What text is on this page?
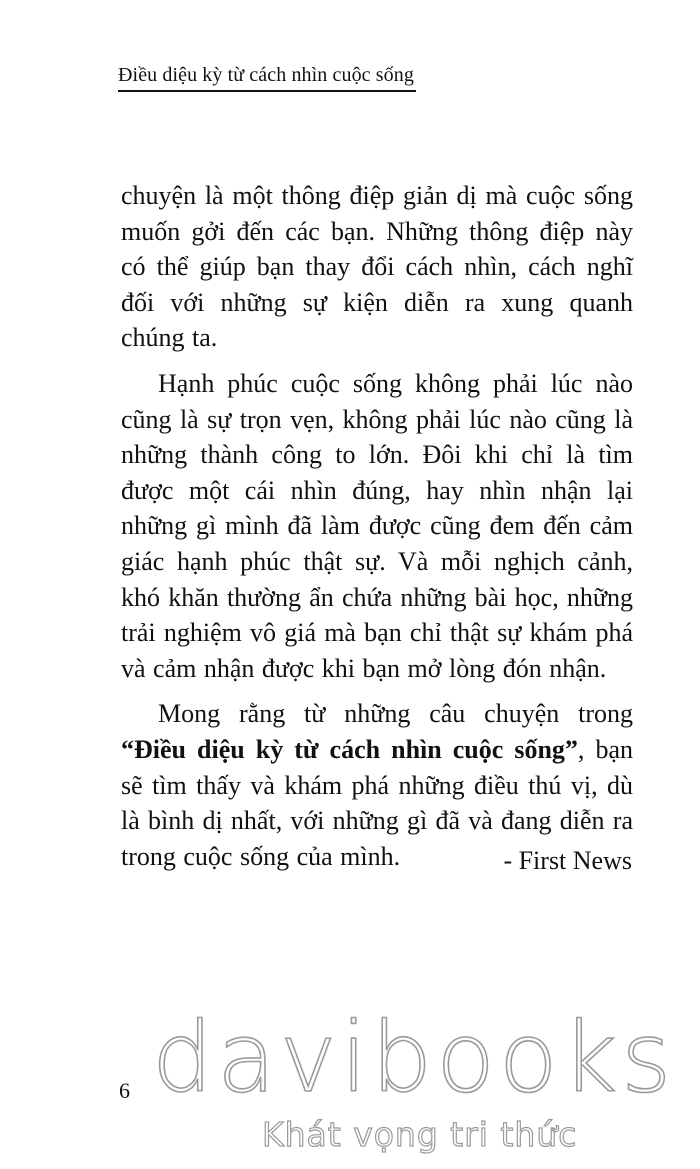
Điều diệu kỳ từ cách nhìn cuộc sống

chuyện là một thông điệp giản dị mà cuộc sống muốn gởi đến các bạn. Những thông điệp này có thể giúp bạn thay đổi cách nhìn, cách nghĩ đối với những sự kiện diễn ra xung quanh chúng ta.

Hạnh phúc cuộc sống không phải lúc nào cũng là sự trọn vẹn, không phải lúc nào cũng là những thành công to lớn. Đôi khi chỉ là tìm được một cái nhìn đúng, hay nhìn nhận lại những gì mình đã làm được cũng đem đến cảm giác hạnh phúc thật sự. Và mỗi nghịch cảnh, khó khăn thường ẩn chứa những bài học, những trải nghiệm vô giá mà bạn chỉ thật sự khám phá và cảm nhận được khi bạn mở lòng đón nhận.

Mong rằng từ những câu chuyện trong “Điều diệu kỳ từ cách nhìn cuộc sống”, bạn sẽ tìm thấy và khám phá những điều thú vị, dù là bình dị nhất, với những gì đã và đang diễn ra trong cuộc sống của mình.	- First News
6 davibooks
Khát vọng tri thức
